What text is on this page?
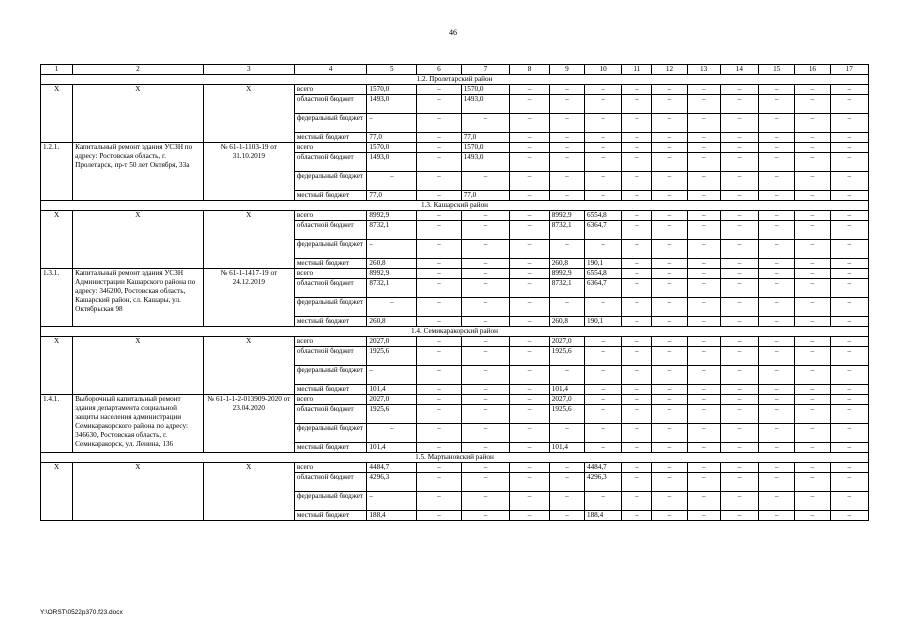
46
1	2	3	4	5	6	7	8	9	10	11	12	13	14	15	16	17
1.2. Пролетарский район																
Х	Х	Х	всего	1570,0	–	1570,0	–	–	–	–	–	–	–	–	–	–
			областной бюджет	1493,0	–	1493,0	–	–	–	–	–	–	–	–	–	–
			федеральный бюджет	–	–	–	–	–	–	–	–	–	–	–	–	–
			местный бюджет	77,0	–	77,0	–	–	–	–	–	–	–	–	–	–
1.2.1.	Капитальный ремонт здания УСЗН по адресу: Ростовская область, г. Пролетарск, пр-т 50 лет Октября, 33а	№ 61-1-1103-19 от 31.10.2019	всего	1570,0	–	1570,0	–	–	–	–	–	–	–	–	–	–
			областной бюджет	1493,0	–	1493,0	–	–	–	–	–	–	–	–	–	–
			федеральный бюджет	–	–	–	–	–	–	–	–	–	–	–	–	–
			местный бюджет	77,0	–	77,0	–	–	–	–	–	–	–	–	–	–
1.3. Кашарский район																
Х	Х	Х	всего	8992,9	–	–	–	8992,9	6554,8	–	–	–	–	–	–	–
			областной бюджет	8732,1	–	–	–	8732,1	6364,7	–	–	–	–	–	–	–
			федеральный бюджет	–	–	–	–	–	–	–	–	–	–	–	–	–
			местный бюджет	260,8	–	–	–	260,8	190,1	–	–	–	–	–	–	–
1.3.1.	Капитальный ремонт здания УСЗН Администрации Кашарского района по адресу: 346200, Ростовская область, Кашарский район, сл. Кашары, ул. Октябрьская 98	№ 61-1-1417-19 от 24.12.2019	всего	8992,9	–	–	–	8992,9	6554,8	–	–	–	–	–	–	–
			областной бюджет	8732,1	–	–	–	8732,1	6364,7	–	–	–	–	–	–	–
			федеральный бюджет	–	–	–	–	–	–	–	–	–	–	–	–	–
			местный бюджет	260,8	–	–	–	260,8	190,1	–	–	–	–	–	–	–
1.4. Семикаракорский район																
Х	Х	Х	всего	2027,0	–	–	–	2027,0	–	–	–	–	–	–	–	–
			областной бюджет	1925,6	–	–	–	1925,6	–	–	–	–	–	–	–	–
			федеральный бюджет	–	–	–	–	–	–	–	–	–	–	–	–	–
			местный бюджет	101,4	–	–	–	101,4	–	–	–	–	–	–	–	–
1.4.1.	Выборочный капитальный ремонт здания департамента социальной защиты населения администрации Семикаракорского района по адресу: 346630, Ростовская область, г. Семикаракорск, ул. Ленина, 136	№ 61-1-1-2-013909-2020 от 23.04.2020	всего	2027,0	–	–	–	2027,0	–	–	–	–	–	–	–	–
			областной бюджет	1925,6	–	–	–	1925,6	–	–	–	–	–	–	–	–
			федеральный бюджет	–	–	–	–	–	–	–	–	–	–	–	–	–
			местный бюджет	101,4	–	–	–	101,4	–	–	–	–	–	–	–	–
1.5. Мартыновский район																
Х	Х	Х	всего	4484,7	–	–	–	–	4484,7	–	–	–	–	–	–	–
			областной бюджет	4296,3	–	–	–	–	4296,3	–	–	–	–	–	–	–
			федеральный бюджет	–	–	–	–	–	–	–	–	–	–	–	–	–
			местный бюджет	188,4	–	–	–	–	188,4	–	–	–	–	–	–	–
Y:\ORST\0522p370.f23.docx
